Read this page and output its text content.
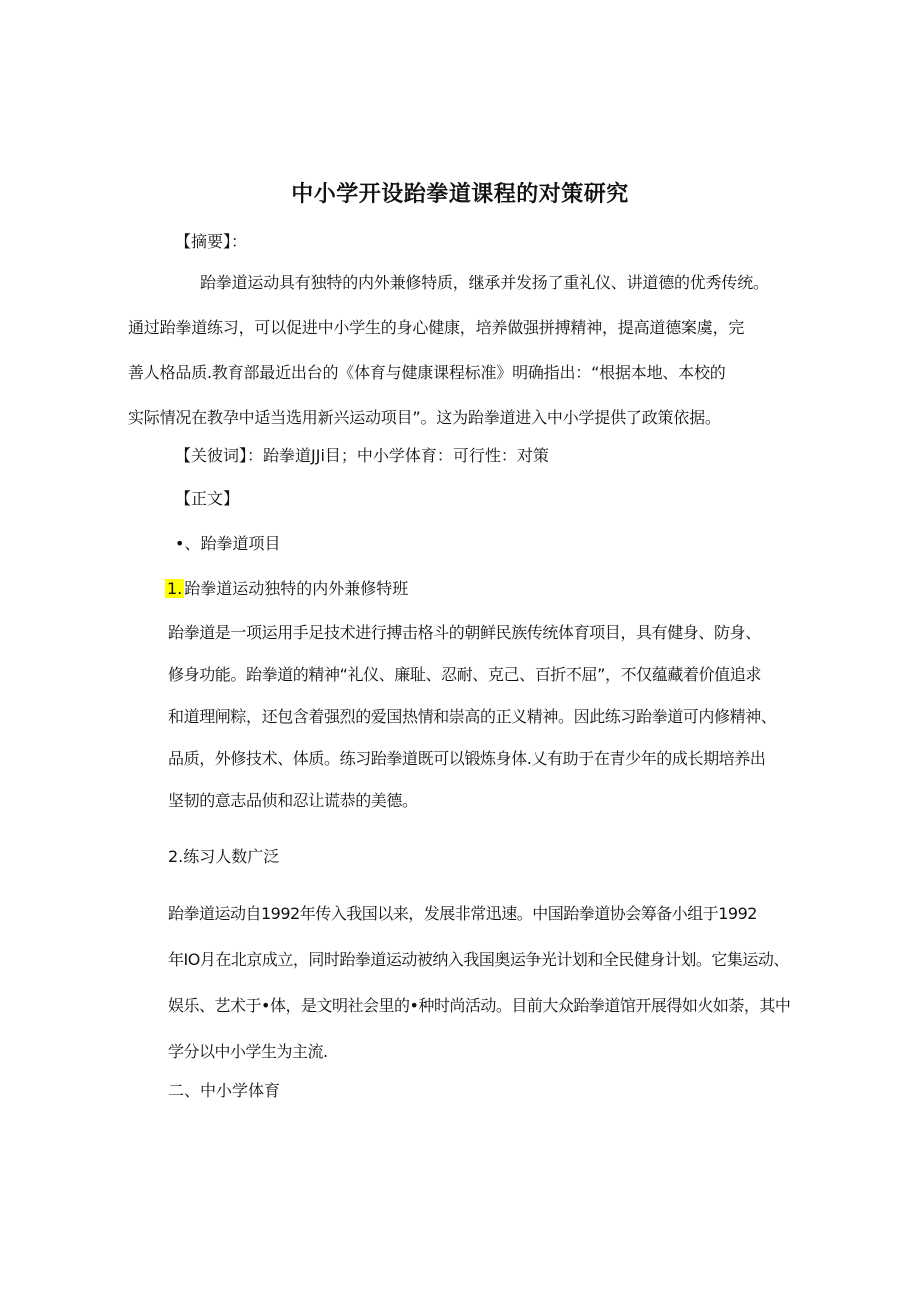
中小学开设跆拳道课程的对策研究
【摘要】：
跆拳道运动具有独特的内外兼修特质，继承并发扬了重礼仪、讲道德的优秀传统。
通过跆拳道练习，可以促进中小学生的身心健康，培养做强拼搏精神，提高道德案虞，完
善人格品质.教育部最近出台的《体育与健康课程标准》明确指出：“根据本地、本校的
实际情况在教孕中适当选用新兴运动项目”。这为跆拳道进入中小学提供了政策依据。
【关彼词】：跆拳道JJi目；中小学体育：可行性：对策
【正文】
•、跆拳道项目
1. 跆拳道运动独特的内外兼修特班
跆拳道是一项运用手足技术进行搏击格斗的朝鲜民族传统体育项目，具有健身、防身、
修身功能。跆拳道的精神“礼仪、廉耻、忍耐、克己、百折不屈”，不仅蕴藏着价值追求
和道理闸粽，还包含着强烈的爱国热情和崇高的正义精神。因此练习跆拳道可内修精神、
品质，外修技术、体质。练习跆拳道既可以锻炼身体.乂有助于在青少年的成长期培养出
坚韧的意志品侦和忍让谎恭的美德。
2.练习人数广泛
跆拳道运动自1992年传入我国以来，发展非常迅速。中国跆拳道协会筹备小组于1992
年IO月在北京成立，同时跆拳道运动被纳入我国奥运争光计划和全民健身计划。它集运动、
娱乐、艺术于•体，是文明社会里的•种时尚活动。目前大众跆拳道馆开展得如火如荼，其中
学分以中小学生为主流.
二、中小学体育
